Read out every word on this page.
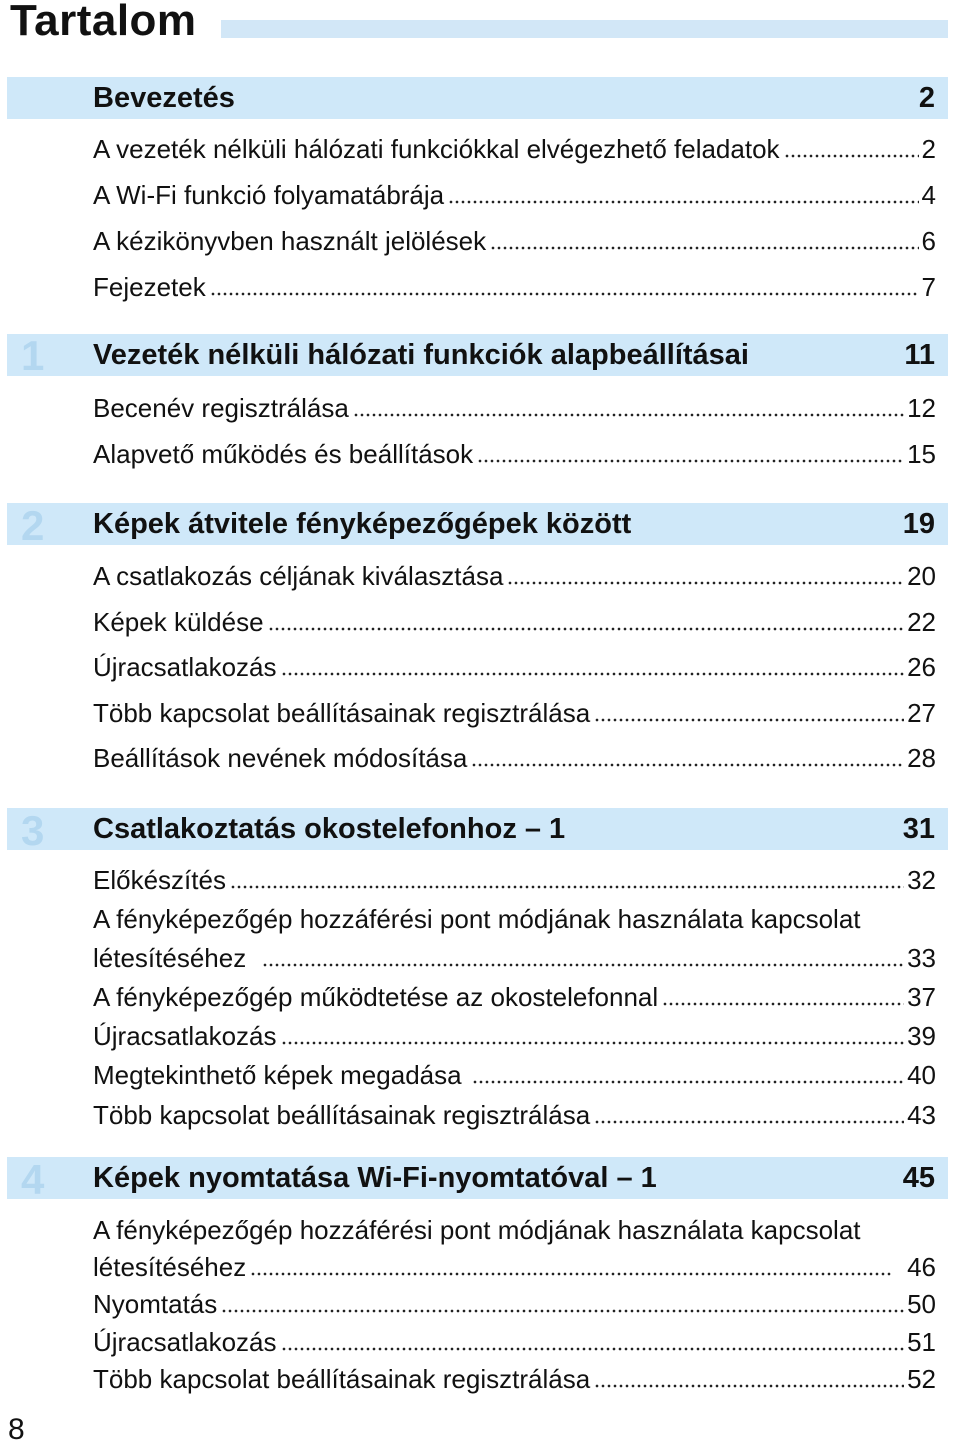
Tartalom
Bevezetés	2
A vezeték nélküli hálózati funkciókkal elvégezhető feladatok	2
A Wi-Fi funkció folyamatábrája	4
A kézikönyvben használt jelölések	6
Fejezetek	7
1	Vezeték nélküli hálózati funkciók alapbeállításai	11
Becenév regisztrálása	12
Alapvető működés és beállítások	15
2	Képek átvitele fényképezőgépek között	19
A csatlakozás céljának kiválasztása	20
Képek küldése	22
Újracsatlakozás	26
Több kapcsolat beállításainak regisztrálása	27
Beállítások nevének módosítása	28
3	Csatlakoztatás okostelefonhoz – 1	31
Előkészítés	32
A fényképezőgép hozzáférési pont módjának használata kapcsolat
létesítéséhez	33
A fényképezőgép működtetése az okostelefonnal	37
Újracsatlakozás	39
Megtekinthető képek megadása	40
Több kapcsolat beállításainak regisztrálása	43
4	Képek nyomtatása Wi-Fi-nyomtatóval – 1	45
A fényképezőgép hozzáférési pont módjának használata kapcsolat
létesítéséhez	46
Nyomtatás	50
Újracsatlakozás	51
Több kapcsolat beállításainak regisztrálása	52
8
